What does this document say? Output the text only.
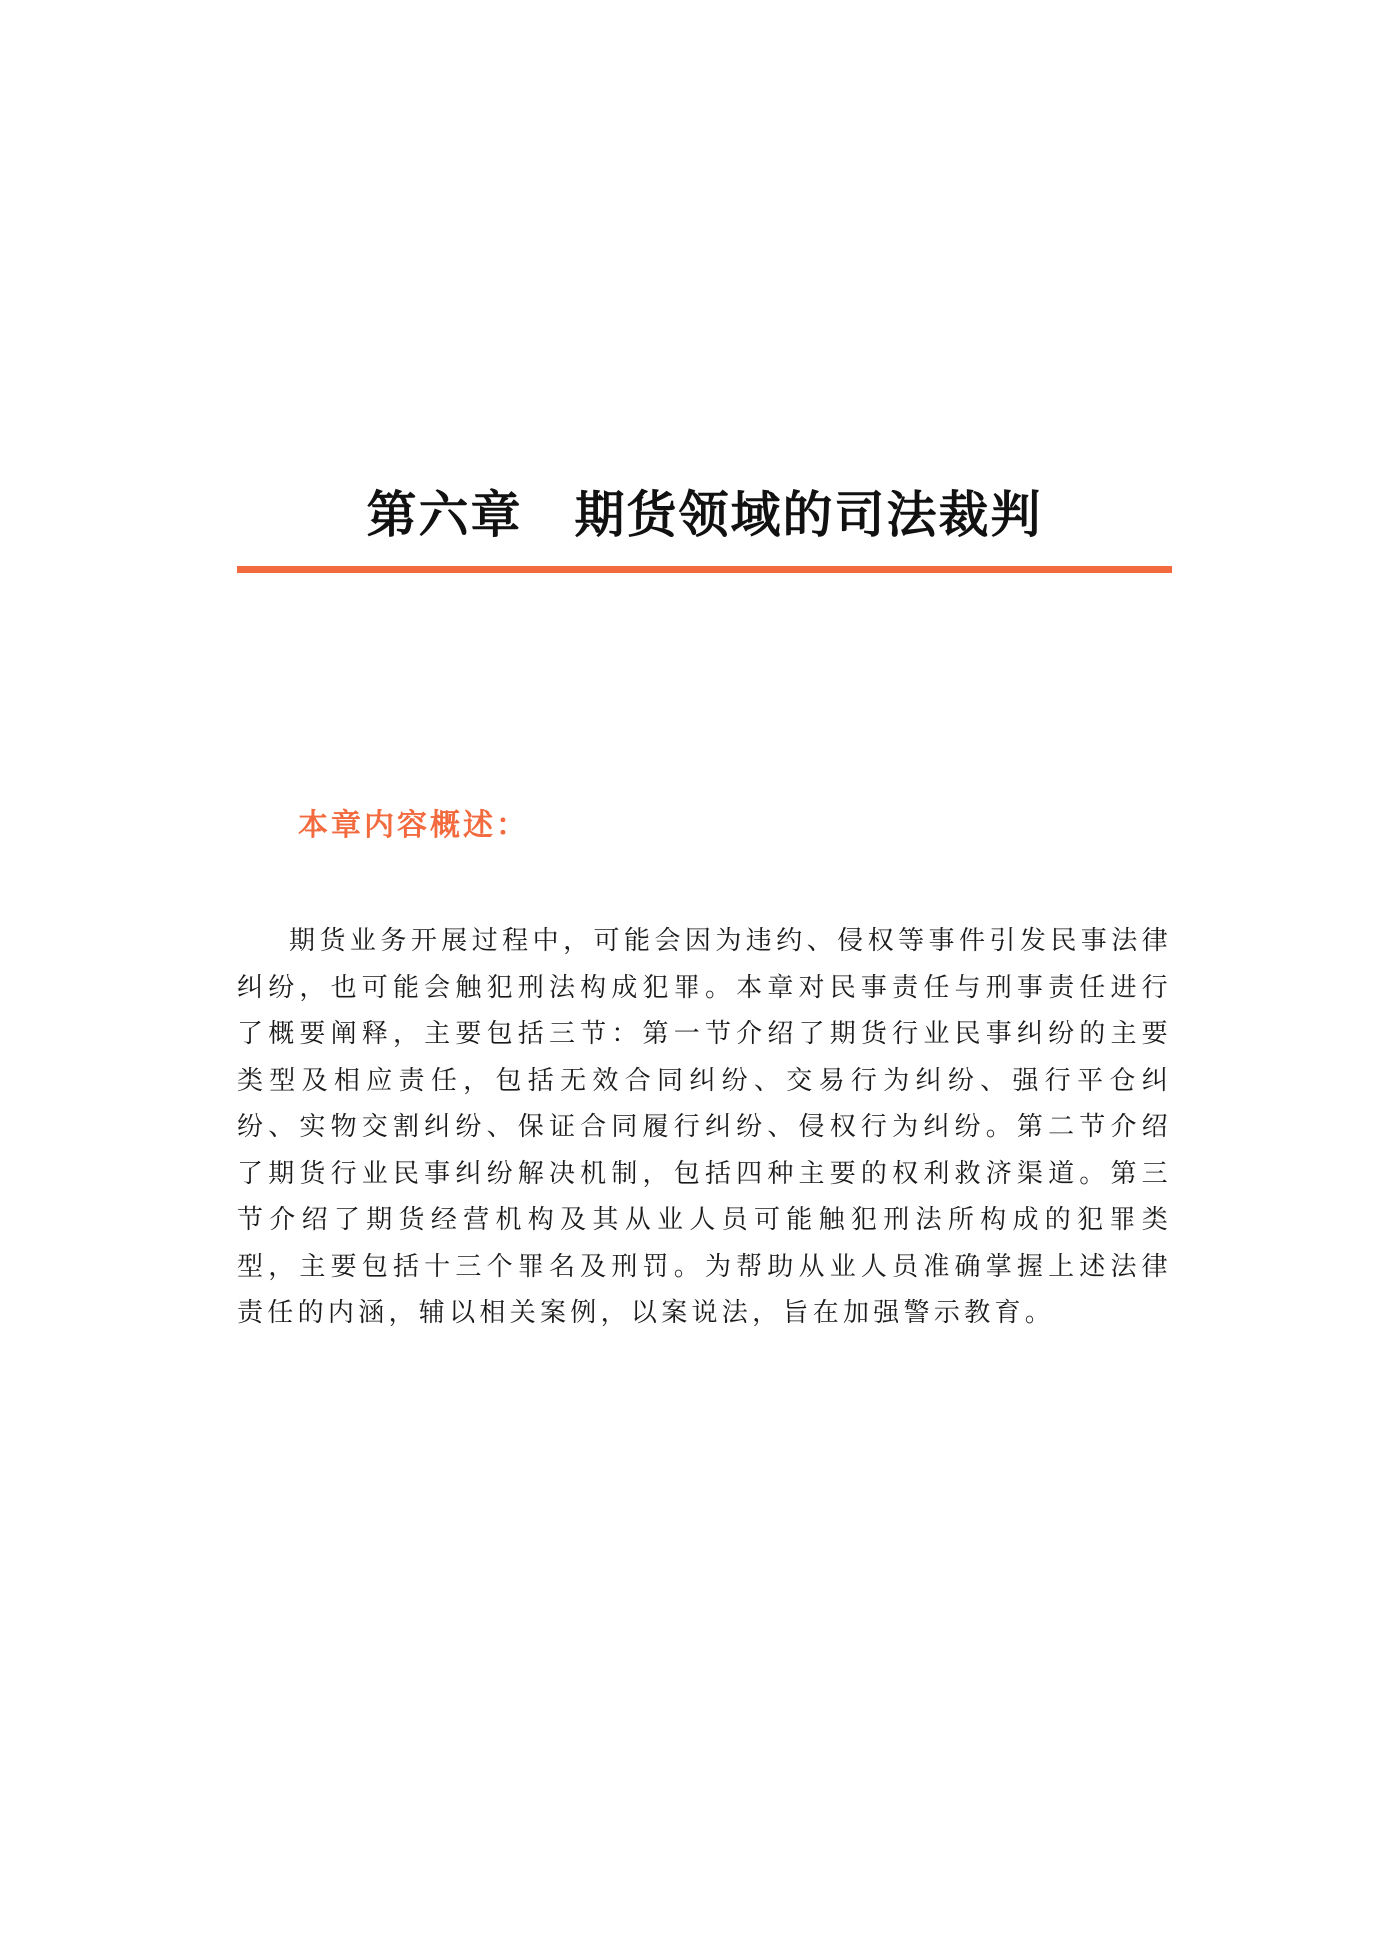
第六章　期货领域的司法裁判
本章内容概述：

期货业务开展过程中，可能会因为违约、侵权等事件引发民事法律纠纷，也可能会触犯刑法构成犯罪。本章对民事责任与刑事责任进行了概要阐释，主要包括三节：第一节介绍了期货行业民事纠纷的主要类型及相应责任，包括无效合同纠纷、交易行为纠纷、强行平仓纠纷、实物交割纠纷、保证合同履行纠纷、侵权行为纠纷。第二节介绍了期货行业民事纠纷解决机制，包括四种主要的权利救济渠道。第三节介绍了期货经营机构及其从业人员可能触犯刑法所构成的犯罪类型，主要包括十三个罪名及刑罚。为帮助从业人员准确掌握上述法律责任的内涵，辅以相关案例，以案说法，旨在加强警示教育。
